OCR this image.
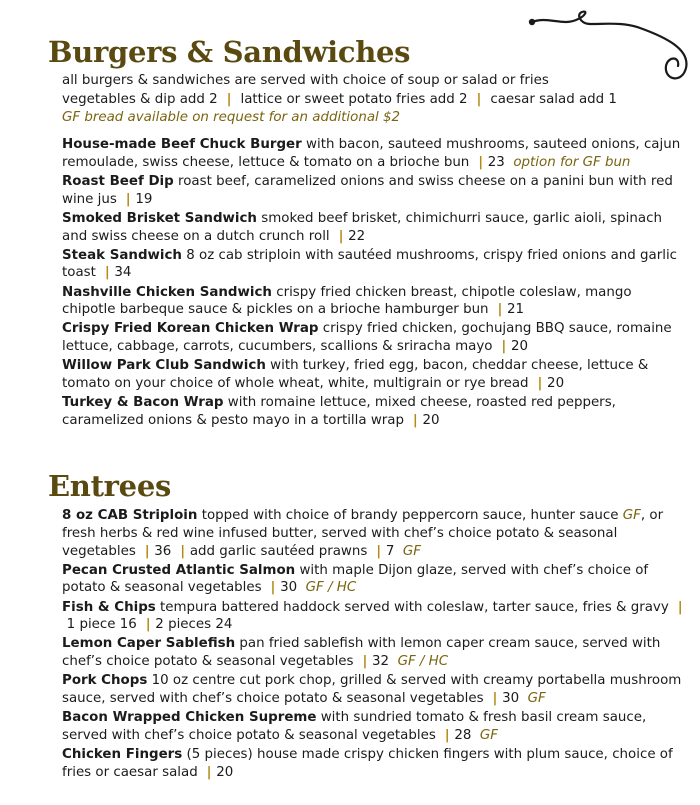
Burgers & Sandwiches
all burgers & sandwiches are served with choice of soup or salad or fries
vegetables & dip add 2  |  lattice or sweet potato fries add 2  |  caesar salad add 1
GF bread available on request for an additional $2
House-made Beef Chuck Burger with bacon, sauteed mushrooms, sauteed onions, cajun remoulade, swiss cheese, lettuce & tomato on a brioche bun  | 23 option for GF bun
Roast Beef Dip roast beef, caramelized onions and swiss cheese on a panini bun with red wine jus  | 19
Smoked Brisket Sandwich smoked beef brisket, chimichurri sauce, garlic aioli, spinach and swiss cheese on a dutch crunch roll  | 22
Steak Sandwich 8 oz cab striploin with sautéed mushrooms, crispy fried onions and garlic toast  | 34
Nashville Chicken Sandwich crispy fried chicken breast, chipotle coleslaw, mango chipotle barbeque sauce & pickles on a brioche hamburger bun  | 21
Crispy Fried Korean Chicken Wrap crispy fried chicken, gochujang BBQ sauce, romaine lettuce, cabbage, carrots, cucumbers, scallions & sriracha mayo  | 20
Willow Park Club Sandwich with turkey, fried egg, bacon, cheddar cheese, lettuce & tomato on your choice of whole wheat, white, multigrain or rye bread  | 20
Turkey & Bacon Wrap with romaine lettuce, mixed cheese, roasted red peppers, caramelized onions & pesto mayo in a tortilla wrap  | 20
Entrees
8 oz CAB Striploin topped with choice of brandy peppercorn sauce, hunter sauce GF, or fresh herbs & red wine infused butter, served with chef’s choice potato & seasonal vegetables  | 36  | add garlic sautéed prawns  | 7 GF
Pecan Crusted Atlantic Salmon with maple Dijon glaze, served with chef’s choice of potato & seasonal vegetables  | 30 GF / HC
Fish & Chips tempura battered haddock served with coleslaw, tarter sauce, fries & gravy  | 1 piece 16  | 2 pieces 24
Lemon Caper Sablefish pan fried sablefish with lemon caper cream sauce, served with chef’s choice potato & seasonal vegetables  | 32 GF / HC
Pork Chops 10 oz centre cut pork chop, grilled & served with creamy portabella mushroom sauce, served with chef’s choice potato & seasonal vegetables  | 30 GF
Bacon Wrapped Chicken Supreme with sundried tomato & fresh basil cream sauce, served with chef’s choice potato & seasonal vegetables  | 28 GF
Chicken Fingers (5 pieces) house made crispy chicken fingers with plum sauce, choice of fries or caesar salad  | 20
